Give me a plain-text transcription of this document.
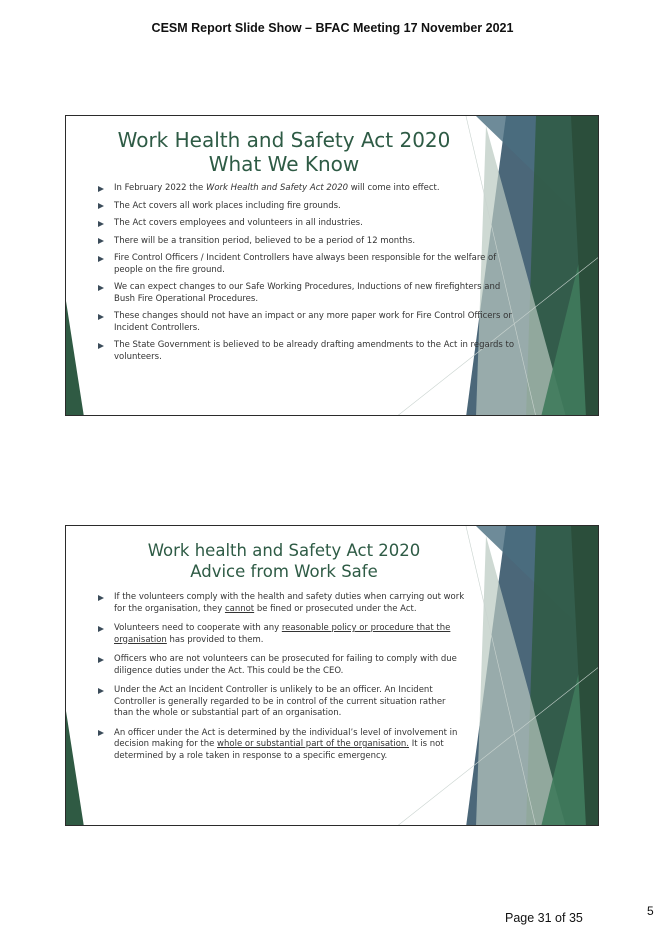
CESM Report Slide Show – BFAC Meeting 17 November 2021
Work Health and Safety Act 2020
What We Know
In February 2022 the Work Health and Safety Act 2020 will come into effect.
The Act covers all work places including fire grounds.
The Act covers employees and volunteers in all industries.
There will be a transition period, believed to be a period of 12 months.
Fire Control Officers / Incident Controllers have always been responsible for the welfare of people on the fire ground.
We can expect changes to our Safe Working Procedures, Inductions of new firefighters and Bush Fire Operational Procedures.
These changes should not have an impact or any more paper work for Fire Control Officers or Incident Controllers.
The State Government is believed to be already drafting amendments to the Act in regards to volunteers.
Work health and Safety Act 2020
Advice from Work Safe
If the volunteers comply with the health and safety duties when carrying out work for the organisation, they cannot be fined or prosecuted under the Act.
Volunteers need to cooperate with any reasonable policy or procedure that the organisation has provided to them.
Officers who are not volunteers can be prosecuted for failing to comply with due diligence duties under the Act. This could be the CEO.
Under the Act an Incident Controller is unlikely to be an officer. An Incident Controller is generally regarded to be in control of the current situation rather than the whole or substantial part of an organisation.
An officer under the Act is determined by the individual’s level of involvement in decision making for the whole or substantial part of the organisation. It is not determined by a role taken in response to a specific emergency.
Page 31 of 35	5
